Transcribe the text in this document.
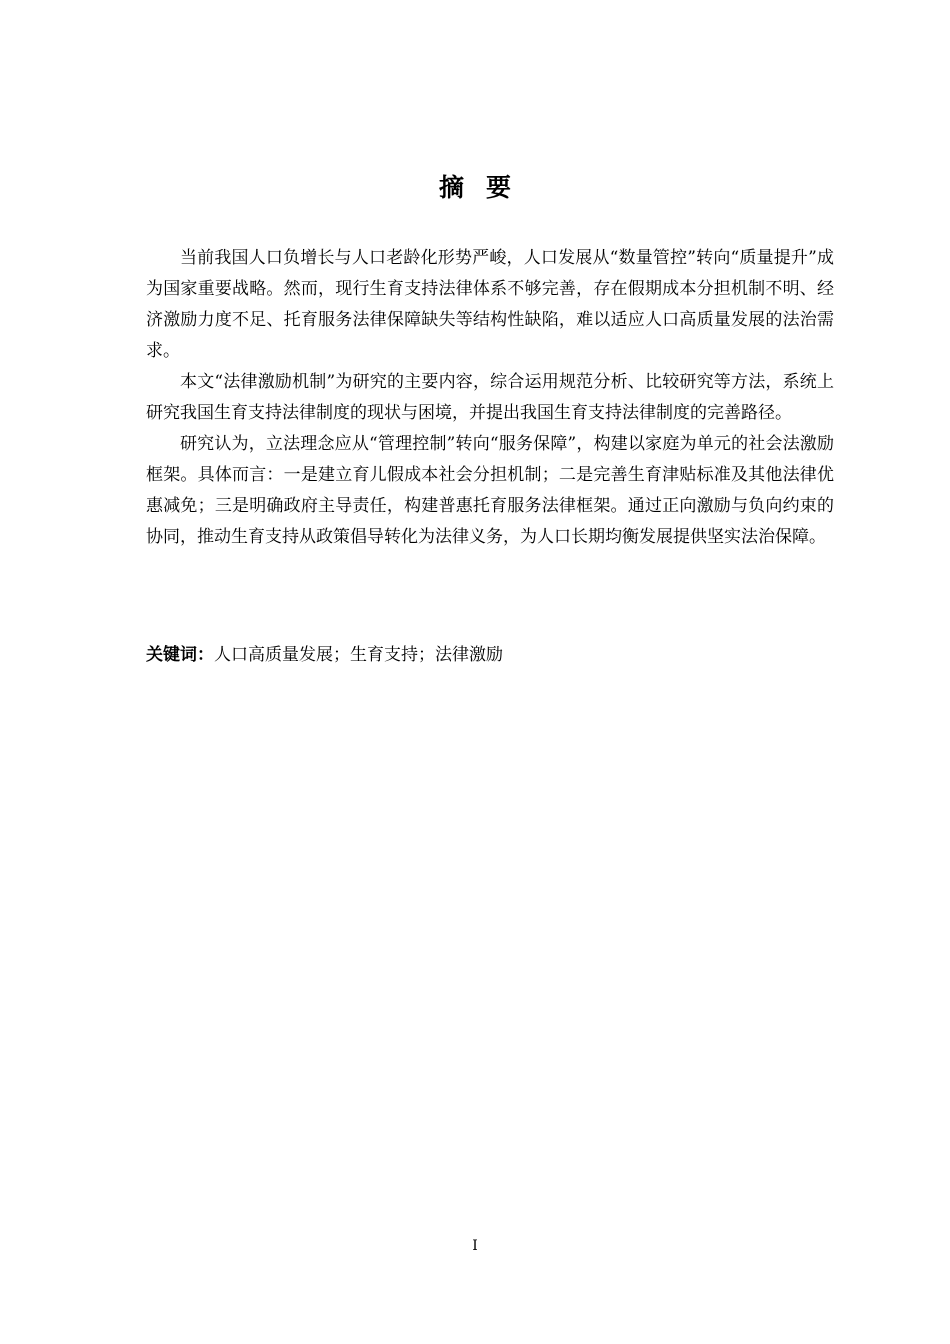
摘要

当前我国人口负增长与人口老龄化形势严峻，人口发展从“数量管控”转向“质量提升”成为国家重要战略。然而，现行生育支持法律体系不够完善，存在假期成本分担机制不明、经济激励力度不足、托育服务法律保障缺失等结构性缺陷，难以适应人口高质量发展的法治需求。

本文“法律激励机制”为研究的主要内容，综合运用规范分析、比较研究等方法，系统上研究我国生育支持法律制度的现状与困境，并提出我国生育支持法律制度的完善路径。

研究认为，立法理念应从“管理控制”转向“服务保障”，构建以家庭为单元的社会法激励框架。具体而言：一是建立育儿假成本社会分担机制；二是完善生育津贴标准及其他法律优惠减免；三是明确政府主导责任，构建普惠托育服务法律框架。通过正向激励与负向约束的协同，推动生育支持从政策倡导转化为法律义务，为人口长期均衡发展提供坚实法治保障。

关键词：人口高质量发展；生育支持；法律激励
I
